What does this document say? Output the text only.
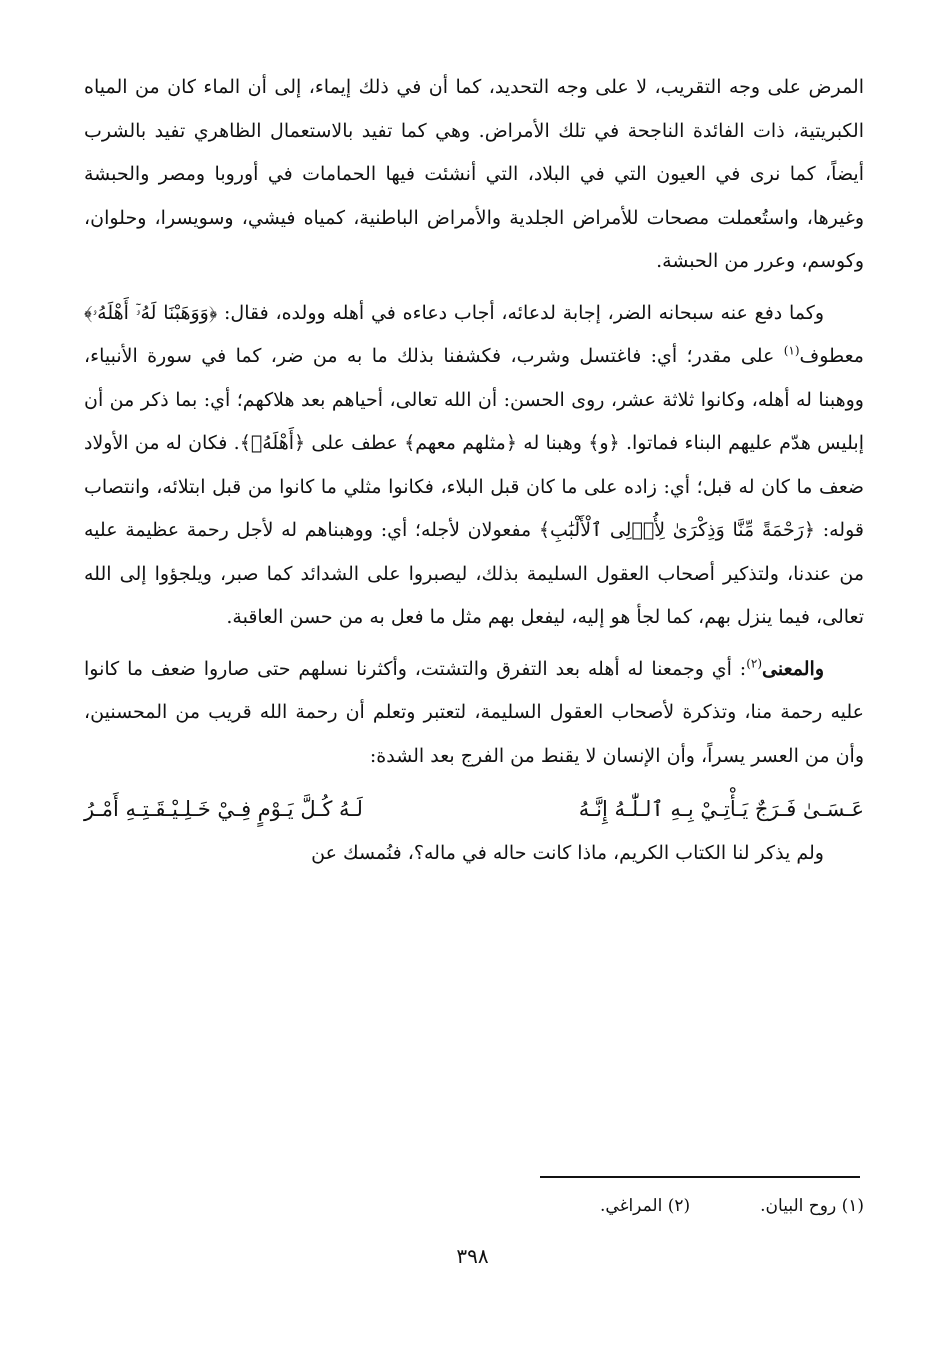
المرض على وجه التقريب، لا على وجه التحديد، كما أن في ذلك إيماء، إلى أن الماء كان من المياه الكبريتية، ذات الفائدة الناجحة في تلك الأمراض. وهي كما تفيد بالاستعمال الظاهري تفيد بالشرب أيضاً، كما نرى في العيون التي في البلاد، التي أنشئت فيها الحمامات في أوروبا ومصر والحبشة وغيرها، واستُعملت مصحات للأمراض الجلدية والأمراض الباطنية، كمياه فيشي، وسويسرا، وحلوان، وكوسم، وعرر من الحبشة.

وكما دفع عنه سبحانه الضر، إجابة لدعائه، أجاب دعاءه في أهله وولده، فقال: ﴿وَوَهَبْنَا لَهُۥٓ أَهْلَهُۥ﴾ معطوف$^{(١)}$ على مقدر؛ أي: فاغتسل وشرب، فكشفنا بذلك ما به من ضر، كما في سورة الأنبياء، ووهبنا له أهله، وكانوا ثلاثة عشر، روى الحسن: أن الله تعالى، أحياهم بعد هلاكهم؛ أي: بما ذكر من أن إبليس هدّم عليهم البناء فماتوا. ﴿و﴾ وهبنا له ﴿مثلهم معهم﴾ عطف على ﴿أَهْلَهُۥ﴾. فكان له من الأولاد ضعف ما كان له قبل؛ أي: زاده على ما كان قبل البلاء، فكانوا مثلي ما كانوا من قبل ابتلائه، وانتصاب قوله: ﴿رَحْمَةً مِّنَّا وَذِكْرَىٰ لِأُو۟لِى ٱلْأَلْبَٰبِ﴾ مفعولان لأجله؛ أي: ووهبناهم له لأجل رحمة عظيمة عليه من عندنا، ولتذكير أصحاب العقول السليمة بذلك، ليصبروا على الشدائد كما صبر، ويلجؤوا إلى الله تعالى، فيما ينزل بهم، كما لجأ هو إليه، ليفعل بهم مثل ما فعل به من حسن العاقبة.

والمعنى$^{(٢)}$: أي وجمعنا له أهله بعد التفرق والتشتت، وأكثرنا نسلهم حتى صاروا ضعف ما كانوا عليه رحمة منا، وتذكرة لأصحاب العقول السليمة، لتعتبر وتعلم أن رحمة الله قريب من المحسنين، وأن من العسر يسراً، وأن الإنسان لا يقنط من الفرج بعد الشدة:

عَـسَـىٰ فَـرَجٌ يَـأْتِـيْ بِـهِ ٱلـلّٰـهُ إِنَّـهُ
لَـهُ كُـلَّ يَـوْمٍ فِـيْ خَـلِـيْـقَـتِـهِ أَمْـرُ

ولم يذكر لنا الكتاب الكريم، ماذا كانت حاله في ماله؟، فنُمسك عن

(١) روح البيان.
(٢) المراغي.
٣٩٨
